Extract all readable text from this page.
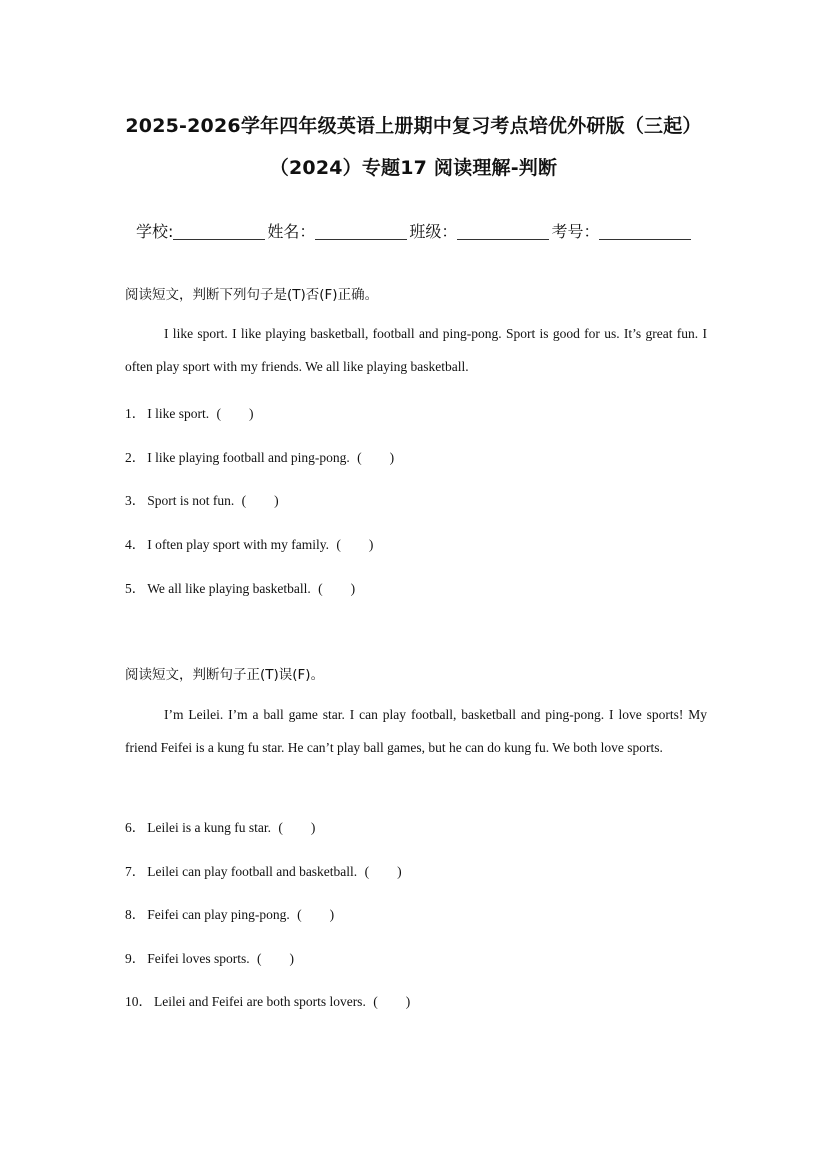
2025-2026学年四年级英语上册期中复习考点培优外研版（三起）
（2024）专题17 阅读理解-判断
学校:	姓名：	班级：	考号：
阅读短文，判断下列句子是(T)否(F)正确。
I like sport. I like playing basketball, football and ping-pong. Sport is good for us. It’s great fun. I often play sport with my friends. We all like playing basketball.
1． I like sport. ( )
2． I like playing football and ping-pong. ( )
3． Sport is not fun. ( )
4． I often play sport with my family. ( )
5． We all like playing basketball. ( )
阅读短文，判断句子正(T)误(F)。
I’m Leilei. I’m a ball game star. I can play football, basketball and ping-pong. I love sports! My friend Feifei is a kung fu star. He can’t play ball games, but he can do kung fu. We both love sports.
6． Leilei is a kung fu star. ( )
7． Leilei can play football and basketball. ( )
8． Feifei can play ping-pong. ( )
9． Feifei loves sports. ( )
10． Leilei and Feifei are both sports lovers. ( )
